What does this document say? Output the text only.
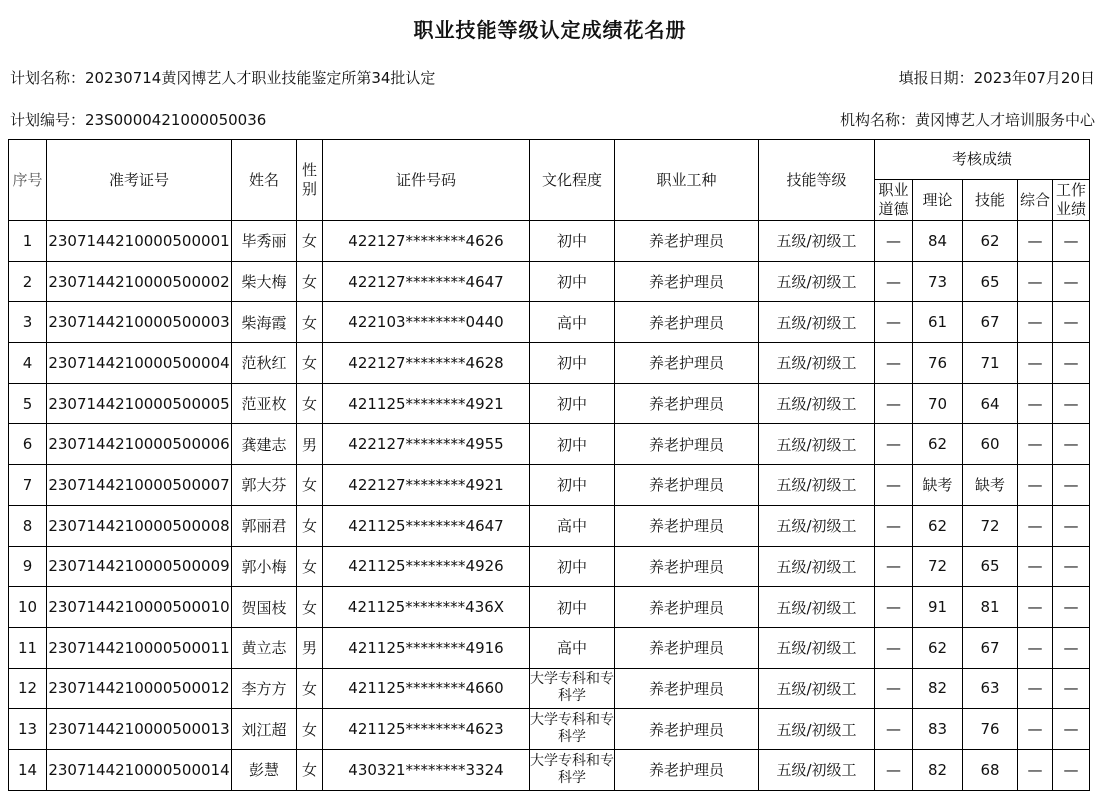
职业技能等级认定成绩花名册
计划名称：20230714黄冈博艺人才职业技能鉴定所第34批认定	填报日期：2023年07月20日
计划编号：23S0000421000050036	机构名称：黄冈博艺人才培训服务中心
序号	准考证号	姓名	性别	证件号码	文化程度	职业工种	技能等级	考核成绩				
								职业道德	理论	技能	综合	工作业绩
1	2307144210000500001	毕秀丽	女	422127********4626	初中	养老护理员	五级/初级工	—	84	62	—	—
2	2307144210000500002	柴大梅	女	422127********4647	初中	养老护理员	五级/初级工	—	73	65	—	—
3	2307144210000500003	柴海霞	女	422103********0440	高中	养老护理员	五级/初级工	—	61	67	—	—
4	2307144210000500004	范秋红	女	422127********4628	初中	养老护理员	五级/初级工	—	76	71	—	—
5	2307144210000500005	范亚枚	女	421125********4921	初中	养老护理员	五级/初级工	—	70	64	—	—
6	2307144210000500006	龚建志	男	422127********4955	初中	养老护理员	五级/初级工	—	62	60	—	—
7	2307144210000500007	郭大芬	女	422127********4921	初中	养老护理员	五级/初级工	—	缺考	缺考	—	—
8	2307144210000500008	郭丽君	女	421125********4647	高中	养老护理员	五级/初级工	—	62	72	—	—
9	2307144210000500009	郭小梅	女	421125********4926	初中	养老护理员	五级/初级工	—	72	65	—	—
10	2307144210000500010	贺国枝	女	421125********436X	初中	养老护理员	五级/初级工	—	91	81	—	—
11	2307144210000500011	黄立志	男	421125********4916	高中	养老护理员	五级/初级工	—	62	67	—	—
12	2307144210000500012	李方方	女	421125********4660	大学专科和专科学	养老护理员	五级/初级工	—	82	63	—	—
13	2307144210000500013	刘江超	女	421125********4623	大学专科和专科学	养老护理员	五级/初级工	—	83	76	—	—
14	2307144210000500014	彭慧	女	430321********3324	大学专科和专科学	养老护理员	五级/初级工	—	82	68	—	—
